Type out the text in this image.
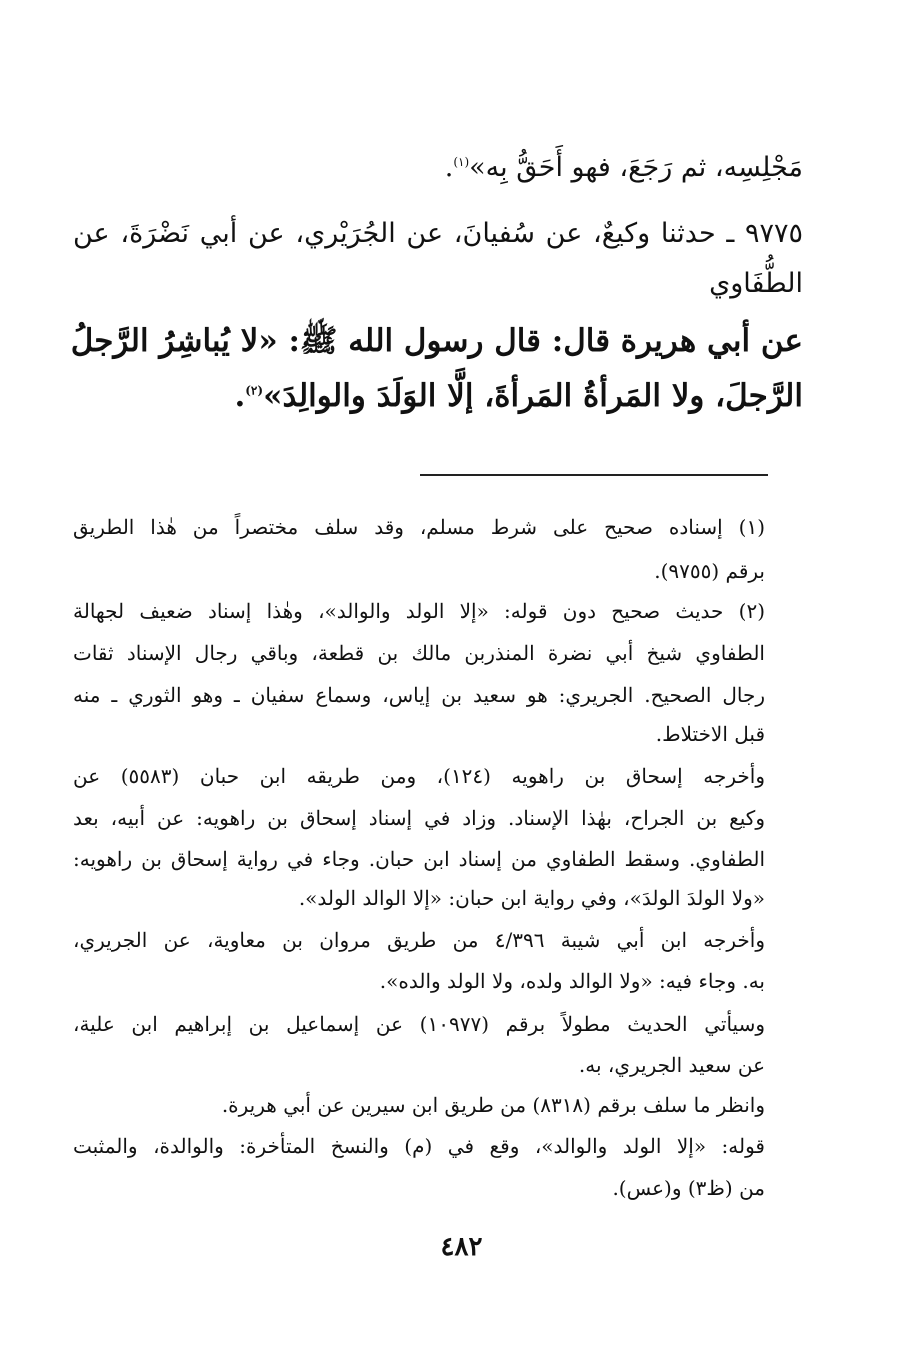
مَجْلِسِه، ثم رَجَعَ، فهو أَحَقُّ بِه»$^{(١)}$.
٩٧٧٥ ـ حدثنا وكيعٌ، عن سُفيانَ، عن الجُرَيْري، عن أبي نَضْرَةَ، عن
الطُّفَاوي
عن أبي هريرة قال: قال رسول الله ﷺ: «لا يُباشِرُ الرَّجلُ
الرَّجلَ، ولا المَرأةُ المَرأةَ، إلَّا الوَلَدَ والوالِدَ»$^{(٢)}$.
(١) إسناده صحيح على شرط مسلم، وقد سلف مختصراً من هٰذا الطريق
برقم (٩٧٥٥).
(٢) حديث صحيح دون قوله: «إلا الولد والوالد»، وهٰذا إسناد ضعيف لجهالة
الطفاوي شيخ أبي نضرة المنذربن مالك بن قطعة، وباقي رجال الإسناد ثقات
رجال الصحيح. الجريري: هو سعيد بن إياس، وسماع سفيان ـ وهو الثوري ـ منه
قبل الاختلاط.
وأخرجه إسحاق بن راهويه (١٢٤)، ومن طريقه ابن حبان (٥٥٨٣) عن
وكيع بن الجراح، بهٰذا الإسناد. وزاد في إسناد إسحاق بن راهويه: عن أبيه، بعد
الطفاوي. وسقط الطفاوي من إسناد ابن حبان. وجاء في رواية إسحاق بن راهويه:
«ولا الولدَ الولدَ»، وفي رواية ابن حبان: «إلا الوالد الولد».
وأخرجه ابن أبي شيبة ٤/٣٩٦ من طريق مروان بن معاوية، عن الجريري،
به. وجاء فيه: «ولا الوالد ولده، ولا الولد والده».
وسيأتي الحديث مطولاً برقم (١٠٩٧٧) عن إسماعيل بن إبراهيم ابن علية،
عن سعيد الجريري، به.
وانظر ما سلف برقم (٨٣١٨) من طريق ابن سيرين عن أبي هريرة.
قوله: «إلا الولد والوالد»، وقع في (م) والنسخ المتأخرة: والوالدة، والمثبت
من (ظ٣) و(عس).
٤٨٢
